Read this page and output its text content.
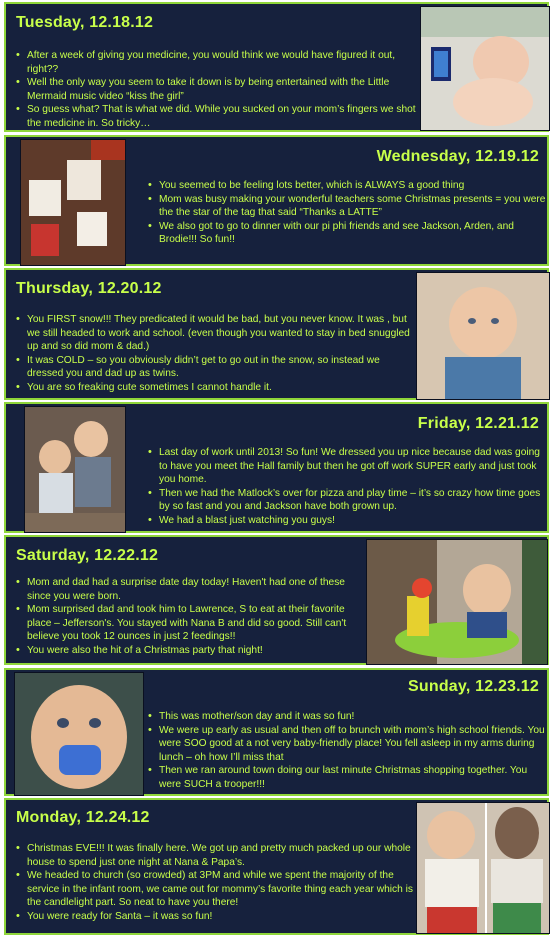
Tuesday, 12.18.12
• After a week of giving you medicine, you would think we would have figured it out, right??
• Well the only way you seem to take it down is by being entertained with the Little Mermaid music video “kiss the girl”
• So guess what? That is what we did. While you sucked on your mom’s fingers we shot the medicine in. So tricky…
Wednesday, 12.19.12
• You seemed to be feeling lots better, which is ALWAYS a good thing
• Mom was busy making your wonderful teachers some Christmas presents = you were the the star of the tag that said “Thanks a LATTE”
• We also got to go to dinner with our pi phi friends and see Jackson, Arden, and Brodie!!! So fun!!
Thursday, 12.20.12
• You FIRST snow!!! They predicated it would be bad, but you never know. It was , but we still headed to work and school. (even though you wanted to stay in bed snuggled up and so did mom & dad.)
• It was COLD – so you obviously didn’t get to go out in the snow, so instead we dressed you and dad up as twins.
• You are so freaking cute sometimes I cannot handle it.
Friday, 12.21.12
• Last day of work until 2013! So fun! We dressed you up nice because dad was going to have you meet the Hall family but then he got off work SUPER early and just took you home.
• Then we had the Matlock’s over for pizza and play time – it’s so crazy how time goes by so fast and you and Jackson have both grown up.
• We had a blast just watching you guys!
Saturday, 12.22.12
• Mom and dad had a surprise date day today! Haven't had one of these since you were born.
• Mom surprised dad and took him to Lawrence, S to eat at their favorite place – Jefferson's. You stayed with Nana B and did so good. Still can't believe you took 12 ounces in just 2 feedings!!
• You were also the hit of a Christmas party that night!
Sunday, 12.23.12
• This was mother/son day and it was so fun!
• We were up early as usual and then off to brunch with mom’s high school friends. You were SOO good at a not very baby-friendly place! You fell asleep in my arms during lunch – oh how I’ll miss that
• Then we ran around town doing our last minute Christmas shopping together. You were SUCH a trooper!!!
Monday, 12.24.12
• Christmas EVE!!! It was finally here. We got up and pretty much packed up our whole house to spend just one night at Nana & Papa’s.
• We headed to church (so crowded) at 3PM and while we spent the majority of the service in the infant room, we came out for mommy’s favorite thing each year which is the candlelight part. So neat to have you there!
• You were ready for Santa – it was so fun!
